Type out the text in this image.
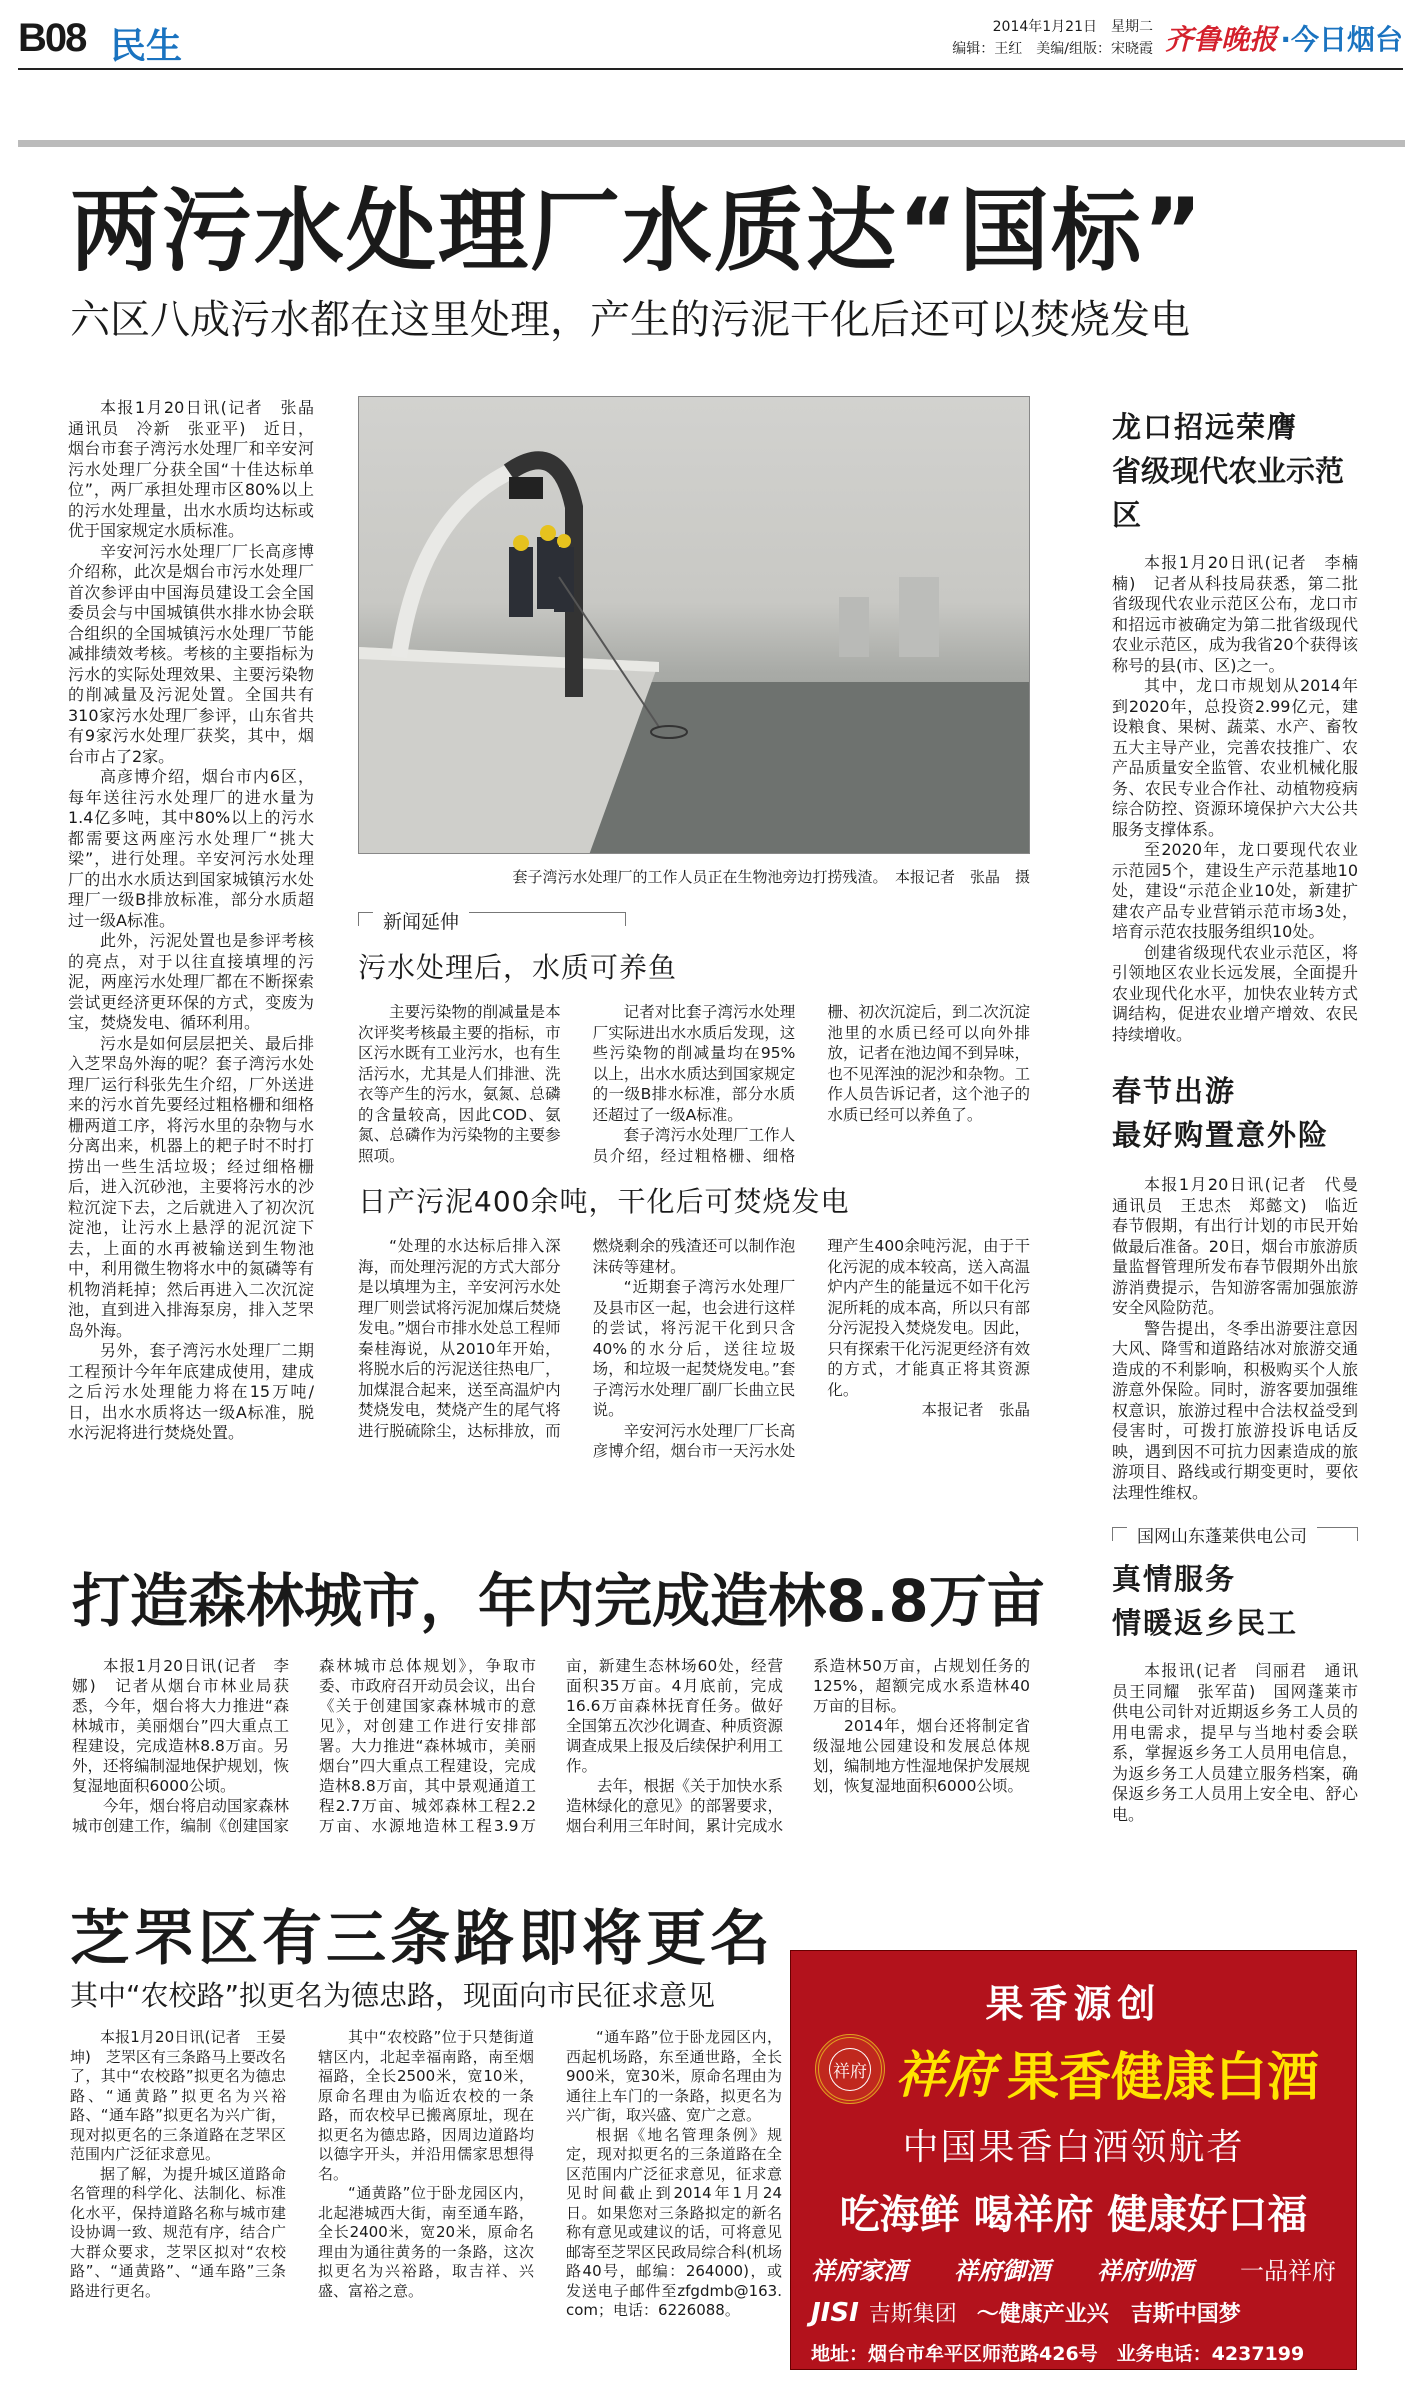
B08 民生	2014年1月21日　星期二
编辑：王红　美编/组版：宋晓霞 齐鲁晚报 ·今日烟台
两污水处理厂水质达“国标”
六区八成污水都在这里处理，产生的污泥干化后还可以焚烧发电

本报1月20日讯(记者　张晶　通讯员　冷新　张亚平)　近日，烟台市套子湾污水处理厂和辛安河污水处理厂分获全国“十佳达标单位”，两厂承担处理市区80%以上的污水处理量，出水水质均达标或优于国家规定水质标准。

辛安河污水处理厂厂长高彦博介绍称，此次是烟台市污水处理厂首次参评由中国海员建设工会全国委员会与中国城镇供水排水协会联合组织的全国城镇污水处理厂节能减排绩效考核。考核的主要指标为污水的实际处理效果、主要污染物的削减量及污泥处置。全国共有310家污水处理厂参评，山东省共有9家污水处理厂获奖，其中，烟台市占了2家。

高彦博介绍，烟台市内6区，每年送往污水处理厂的进水量为1.4亿多吨，其中80%以上的污水都需要这两座污水处理厂“挑大梁”，进行处理。辛安河污水处理厂的出水水质达到国家城镇污水处理厂一级B排放标准，部分水质超过一级A标准。

此外，污泥处置也是参评考核的亮点，对于以往直接填埋的污泥，两座污水处理厂都在不断探索尝试更经济更环保的方式，变废为宝，焚烧发电、循环利用。

污水是如何层层把关、最后排入芝罘岛外海的呢？套子湾污水处理厂运行科张先生介绍，厂外送进来的污水首先要经过粗格栅和细格栅两道工序，将污水里的杂物与水分离出来，机器上的耙子时不时打捞出一些生活垃圾；经过细格栅后，进入沉砂池，主要将污水的沙粒沉淀下去，之后就进入了初次沉淀池，让污水上悬浮的泥沉淀下去，上面的水再被输送到生物池中，利用微生物将水中的氮磷等有机物消耗掉；然后再进入二次沉淀池，直到进入排海泵房，排入芝罘岛外海。

另外，套子湾污水处理厂二期工程预计今年年底建成使用，建成之后污水处理能力将在15万吨/日，出水水质将达一级A标准，脱水污泥将进行焚烧处置。

套子湾污水处理厂的工作人员正在生物池旁边打捞残渣。　本报记者　张晶　摄
新闻延伸
污水处理后，水质可养鱼

主要污染物的削减量是本次评奖考核最主要的指标，市区污水既有工业污水，也有生活污水，尤其是人们排泄、洗衣等产生的污水，氨氮、总磷的含量较高，因此COD、氨氮、总磷作为污染物的主要参照项。

记者对比套子湾污水处理厂实际进出水水质后发现，这些污染物的削减量均在95%以上，出水水质达到国家规定的一级B排水标准，部分水质还超过了一级A标准。

套子湾污水处理厂工作人员介绍，经过粗格栅、细格栅、初次沉淀后，到二次沉淀池里的水质已经可以向外排放，记者在池边闻不到异味，也不见浑浊的泥沙和杂物。工作人员告诉记者，这个池子的水质已经可以养鱼了。

日产污泥400余吨，干化后可焚烧发电

“处理的水达标后排入深海，而处理污泥的方式大部分是以填埋为主，辛安河污水处理厂则尝试将污泥加煤后焚烧发电。”烟台市排水处总工程师秦桂海说，从2010年开始，将脱水后的污泥送往热电厂，加煤混合起来，送至高温炉内焚烧发电，焚烧产生的尾气将进行脱硫除尘，达标排放，而燃烧剩余的残渣还可以制作泡沫砖等建材。

“近期套子湾污水处理厂及县市区一起，也会进行这样的尝试，将污泥干化到只含40%的水分后，送往垃圾场，和垃圾一起焚烧发电。”套子湾污水处理厂副厂长曲立民说。

辛安河污水处理厂厂长高彦博介绍，烟台市一天污水处理产生400余吨污泥，由于干化污泥的成本较高，送入高温炉内产生的能量远不如干化污泥所耗的成本高，所以只有部分污泥投入焚烧发电。因此，只有探索干化污泥更经济有效的方式，才能真正将其资源化。

本报记者　张晶

龙口招远荣膺
省级现代农业示范区

本报1月20日讯(记者　李楠楠)　记者从科技局获悉，第二批省级现代农业示范区公布，龙口市和招远市被确定为第二批省级现代农业示范区，成为我省20个获得该称号的县(市、区)之一。

其中，龙口市规划从2014年到2020年，总投资2.99亿元，建设粮食、果树、蔬菜、水产、畜牧五大主导产业，完善农技推广、农产品质量安全监管、农业机械化服务、农民专业合作社、动植物疫病综合防控、资源环境保护六大公共服务支撑体系。

至2020年，龙口要现代农业示范园5个，建设生产示范基地10处，建设“示范企业10处，新建扩建农产品专业营销示范市场3处，培育示范农技服务组织10处。

创建省级现代农业示范区，将引领地区农业长远发展，全面提升农业现代化水平，加快农业转方式调结构，促进农业增产增效、农民持续增收。

春节出游
最好购置意外险

本报1月20日讯(记者　代曼　通讯员　王忠杰　郑懿文)　临近春节假期，有出行计划的市民开始做最后准备。20日，烟台市旅游质量监督管理所发布春节假期外出旅游消费提示，告知游客需加强旅游安全风险防范。

警告提出，冬季出游要注意因大风、降雪和道路结冰对旅游交通造成的不利影响，积极购买个人旅游意外保险。同时，游客要加强维权意识，旅游过程中合法权益受到侵害时，可拨打旅游投诉电话反映，遇到因不可抗力因素造成的旅游项目、路线或行期变更时，要依法理性维权。

国网山东蓬莱供电公司
真情服务
情暖返乡民工

本报讯(记者　闫丽君　通讯员王同耀　张军苗)　国网蓬莱市供电公司针对近期返乡务工人员的用电需求，提早与当地村委会联系，掌握返乡务工人员用电信息，为返乡务工人员建立服务档案，确保返乡务工人员用上安全电、舒心电。

打造森林城市，年内完成造林8.8万亩

本报1月20日讯(记者　李娜)　记者从烟台市林业局获悉，今年，烟台将大力推进“森林城市，美丽烟台”四大重点工程建设，完成造林8.8万亩。另外，还将编制湿地保护规划，恢复湿地面积6000公顷。

今年，烟台将启动国家森林城市创建工作，编制《创建国家森林城市总体规划》，争取市委、市政府召开动员会议，出台《关于创建国家森林城市的意见》，对创建工作进行安排部署。大力推进“森林城市，美丽烟台”四大重点工程建设，完成造林8.8万亩，其中景观通道工程2.7万亩、城郊森林工程2.2万亩、水源地造林工程3.9万亩，新建生态林场60处，经营面积35万亩。4月底前，完成16.6万亩森林抚育任务。做好全国第五次沙化调查、种质资源调查成果上报及后续保护利用工作。

去年，根据《关于加快水系造林绿化的意见》的部署要求，烟台利用三年时间，累计完成水系造林50万亩，占规划任务的125%，超额完成水系造林40万亩的目标。

2014年，烟台还将制定省级湿地公园建设和发展总体规划，编制地方性湿地保护发展规划，恢复湿地面积6000公顷。

芝罘区有三条路即将更名
其中“农校路”拟更名为德忠路，现面向市民征求意见

本报1月20日讯(记者　王晏坤)　芝罘区有三条路马上要改名了，其中“农校路”拟更名为德忠路、“通黄路”拟更名为兴裕路、“通车路”拟更名为兴广街，现对拟更名的三条道路在芝罘区范围内广泛征求意见。

据了解，为提升城区道路命名管理的科学化、法制化、标准化水平，保持道路名称与城市建设协调一致、规范有序，结合广大群众要求，芝罘区拟对“农校路”、“通黄路”、“通车路”三条路进行更名。

其中“农校路”位于只楚街道辖区内，北起幸福南路，南至烟福路，全长2500米，宽10米，原命名理由为临近农校的一条路，而农校早已搬离原址，现在拟更名为德忠路，因周边道路均以德字开头，并沿用儒家思想得名。

“通黄路”位于卧龙园区内，北起港城西大街，南至通车路，全长2400米，宽20米，原命名理由为通往黄务的一条路，这次拟更名为兴裕路，取吉祥、兴盛、富裕之意。

“通车路”位于卧龙园区内，西起机场路，东至通世路，全长900米，宽30米，原命名理由为通往上车门的一条路，拟更名为兴广街，取兴盛、宽广之意。

根据《地名管理条例》规定，现对拟更名的三条道路在全区范围内广泛征求意见，征求意见时间截止到2014年1月24日。如果您对三条路拟定的新名称有意见或建议的话，可将意见邮寄至芝罘区民政局综合科(机场路40号，邮编：264000)，或发送电子邮件至zfgdmb@163.com；电话：6226088。

果香源创
祥府 祥府 果香健康白酒
中国果香白酒领航者
吃海鲜 喝祥府 健康好口福
祥府家酒 祥府御酒 祥府帅酒 一品祥府
JISI 吉斯集团 ～健康产业兴　吉斯中国梦
地址：烟台市牟平区师范路426号　业务电话：4237199
